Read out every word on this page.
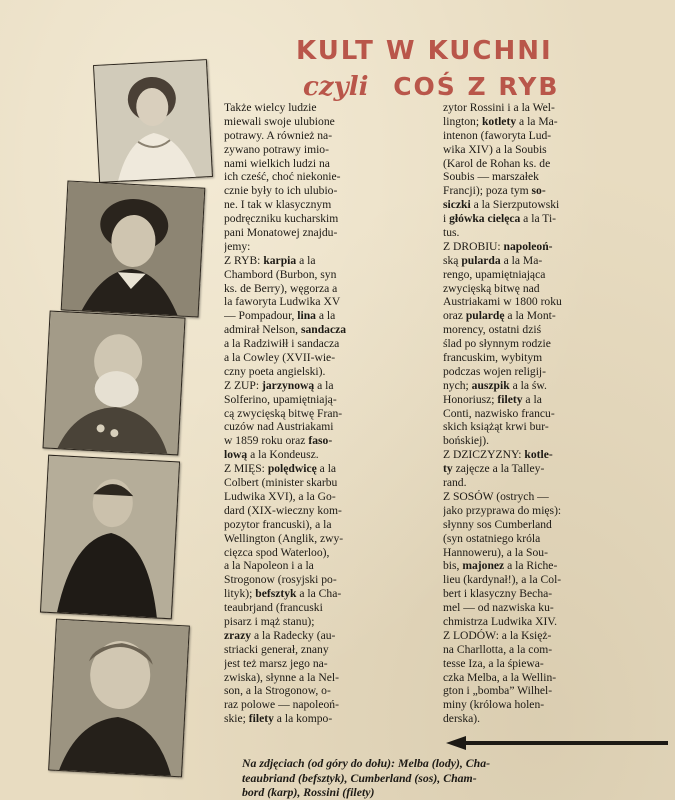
KULT W KUCHNI
czyli COŚ Z RYB
Także wielcy ludzie
miewali swoje ulubione
potrawy. A również na-
zywano potrawy imio-
nami wielkich ludzi na
ich cześć, choć niekonie-
cznie były to ich ulubio-
ne. I tak w klasycznym
podręczniku kucharskim
pani Monatowej znajdu-
jemy:
Z RYB: karpia a la
Chambord (Burbon, syn
ks. de Berry), węgorza a
la faworyta Ludwika XV
— Pompadour, lina a la
admirał Nelson, sandacza
a la Radziwiłł i sandacza
a la Cowley (XVII-wie-
czny poeta angielski).
Z ZUP: jarzynową a la
Solferino, upamiętniają-
cą zwycięską bitwę Fran-
cuzów nad Austriakami
w 1859 roku oraz faso-
lową a la Kondeusz.
Z MIĘS: polędwicę a la
Colbert (minister skarbu
Ludwika XVI), a la Go-
dard (XIX-wieczny kom-
pozytor francuski), a la
Wellington (Anglik, zwy-
cięzca spod Waterloo),
a la Napoleon i a la
Strogonow (rosyjski po-
lityk); befsztyk a la Cha-
teaubrjand (francuski
pisarz i mąż stanu);
zrazy a la Radecky (au-
striacki generał, znany
jest też marsz jego na-
zwiska), słynne a la Nel-
son, a la Strogonow, o-
raz polowe — napoleoń-
skie; filety a la kompo-
zytor Rossini i a la Wel-
lington; kotlety a la Ma-
intenon (faworyta Lud-
wika XIV) a la Soubis
(Karol de Rohan ks. de
Soubis — marszałek
Francji); poza tym so-
siczki a la Sierzputowski
i główka cielęca a la Ti-
tus.
Z DROBIU: napoleoń-
ską pularda a la Ma-
rengo, upamiętniająca
zwycięską bitwę nad
Austriakami w 1800 roku
oraz pulardę a la Mont-
morency, ostatni dziś
ślad po słynnym rodzie
francuskim, wybitym
podczas wojen religij-
nych; auszpik a la św.
Honoriusz; filety a la
Conti, nazwisko francu-
skich książąt krwi bur-
bońskiej).
Z DZICZYZNY: kotle-
ty zajęcze a la Talley-
rand.
Z SOSÓW (ostrych —
jako przyprawa do mięs):
słynny sos Cumberland
(syn ostatniego króla
Hannoweru), a la Sou-
bis, majonez a la Riche-
lieu (kardynał!), a la Col-
bert i klasyczny Becha-
mel — od nazwiska ku-
chmistrza Ludwika XIV.
Z LODÓW: a la Księż-
na Charllotta, a la com-
tesse Iza, a la śpiewa-
czka Melba, a la Wellin-
gton i „bomba” Wilhel-
miny (królowa holen-
derska).
Na zdjęciach (od góry do dołu): Melba (lody), Cha-
teaubriand (befsztyk), Cumberland (sos), Cham-
bord (karp), Rossini (filety)
